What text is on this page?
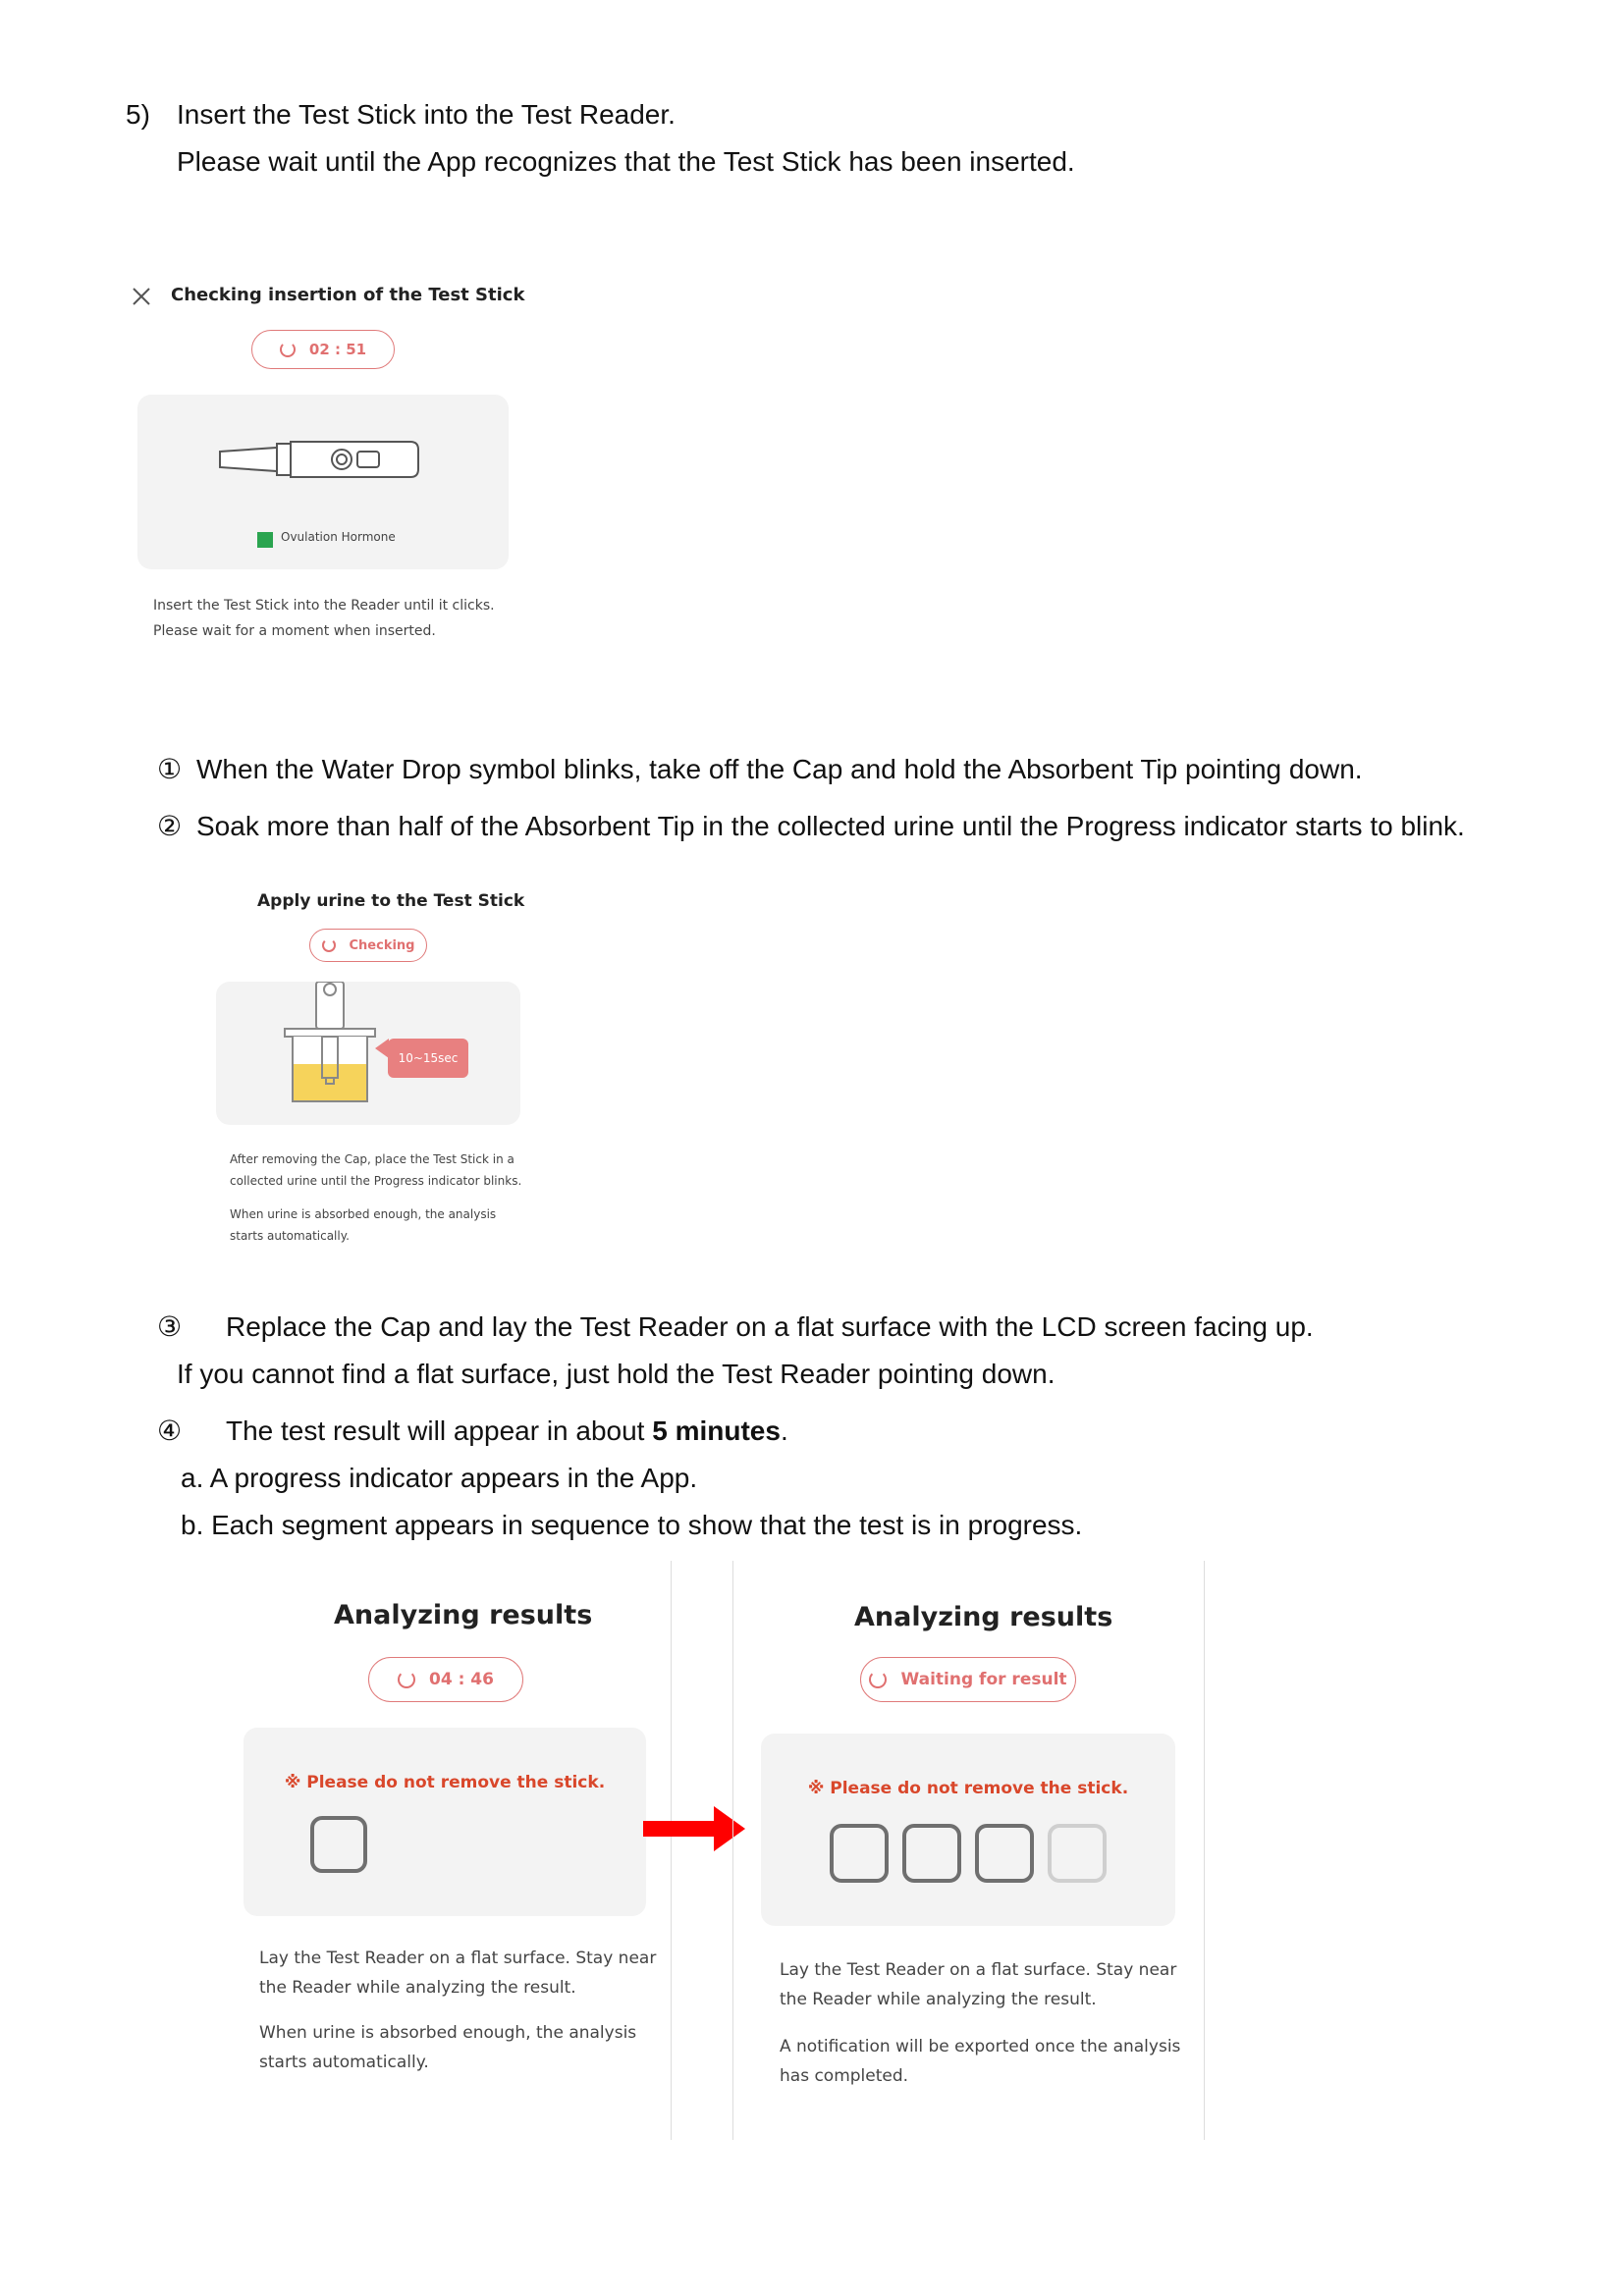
5) Insert the Test Stick into the Test Reader.
Please wait until the App recognizes that the Test Stick has been inserted.
Checking insertion of the Test Stick
02 : 51
Ovulation Hormone
Insert the Test Stick into the Reader until it clicks.
Please wait for a moment when inserted.
① When the Water Drop symbol blinks, take off the Cap and hold the Absorbent Tip pointing down.
② Soak more than half of the Absorbent Tip in the collected urine until the Progress indicator starts to blink.
Apply urine to the Test Stick
Checking
10~15sec
After removing the Cap, place the Test Stick in a
collected urine until the Progress indicator blinks.
When urine is absorbed enough, the analysis
starts automatically.
③ Replace the Cap and lay the Test Reader on a flat surface with the LCD screen facing up.
If you cannot find a flat surface, just hold the Test Reader pointing down.
④ The test result will appear in about 5 minutes.
a. A progress indicator appears in the App.
b. Each segment appears in sequence to show that the test is in progress.
Analyzing results
04 : 46
※ Please do not remove the stick.
Lay the Test Reader on a flat surface. Stay near
the Reader while analyzing the result.
When urine is absorbed enough, the analysis
starts automatically.
Analyzing results
Waiting for result
※ Please do not remove the stick.
Lay the Test Reader on a flat surface. Stay near
the Reader while analyzing the result.
A notification will be exported once the analysis
has completed.
